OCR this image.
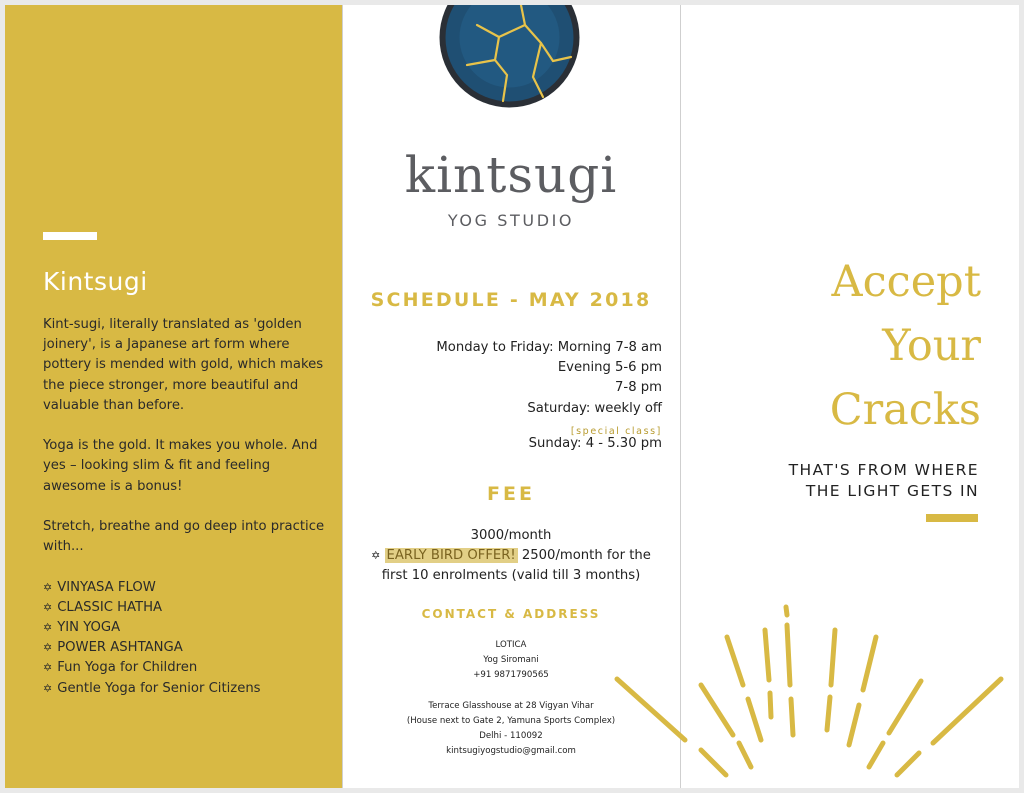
Kintsugi

Kint-sugi, literally translated as 'golden joinery', is a Japanese art form where pottery is mended with gold, which makes the piece stronger, more beautiful and valuable than before.

Yoga is the gold. It makes you whole. And yes – looking slim & fit and feeling awesome is a bonus!

Stretch, breathe and go deep into practice with...

✡ VINYASA FLOW
✡ CLASSIC HATHA
✡ YIN YOGA
✡ POWER ASHTANGA
✡ Fun Yoga for Children
✡ Gentle Yoga for Senior Citizens
kintsugi
YOG STUDIO
SCHEDULE - MAY 2018
Monday to Friday: Morning 7-8 am
Evening 5-6 pm
7-8 pm
Saturday: weekly off
[special class]
Sunday: 4 - 5.30 pm
FEE
3000/month
✡ EARLY BIRD OFFER! 2500/month for the
first 10 enrolments (valid till 3 months)
CONTACT & ADDRESS
LOTICA
Yog Siromani
+91 9871790565
Terrace Glasshouse at 28 Vigyan Vihar
(House next to Gate 2, Yamuna Sports Complex)
Delhi - 110092
kintsugiyogstudio@gmail.com
Accept
Your
Cracks
THAT'S FROM WHERE
THE LIGHT GETS IN
